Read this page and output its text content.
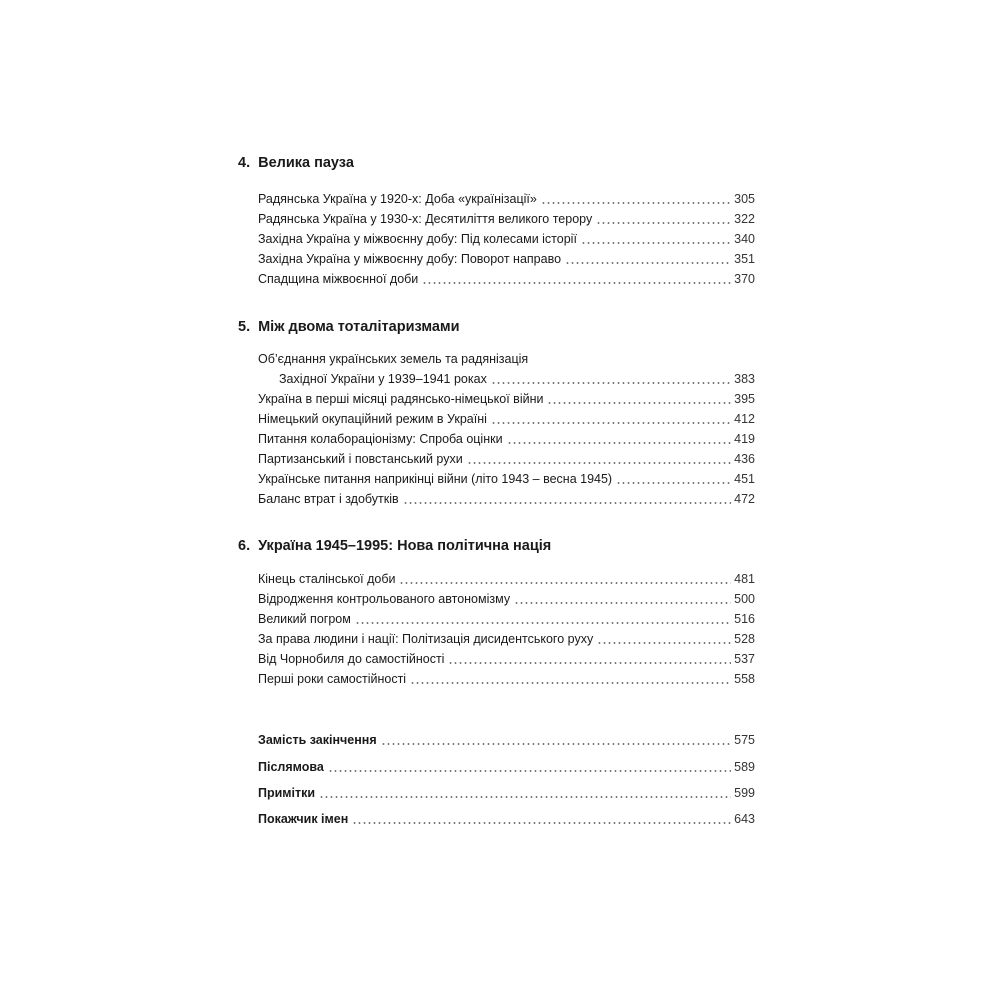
4. Велика пауза
Радянська Україна у 1920-х: Доба «українізації»	305
Радянська Україна у 1930-х: Десятиліття великого терору	322
Західна Україна у міжвоєнну добу: Під колесами історії	340
Західна Україна у міжвоєнну добу: Поворот направо	351
Спадщина міжвоєнної доби	370
5. Між двома тоталітаризмами
Об’єднання українських земель та радянізація
Західної України у 1939–1941 роках	383
Україна в перші місяці радянсько-німецької війни	395
Німецький окупаційний режим в Україні	412
Питання колабораціонізму: Спроба оцінки	419
Партизанський і повстанський рухи	436
Українське питання наприкінці війни (літо 1943 – весна 1945)	451
Баланс втрат і здобутків	472
6. Україна 1945–1995: Нова політична нація
Кінець сталінської доби	481
Відродження контрольованого автономізму	500
Великий погром	516
За права людини і нації: Політизація дисидентського руху	528
Від Чорнобиля до самостійності	537
Перші роки самостійності	558
Замість закінчення	575
Післямова	589
Примітки	599
Покажчик імен	643
